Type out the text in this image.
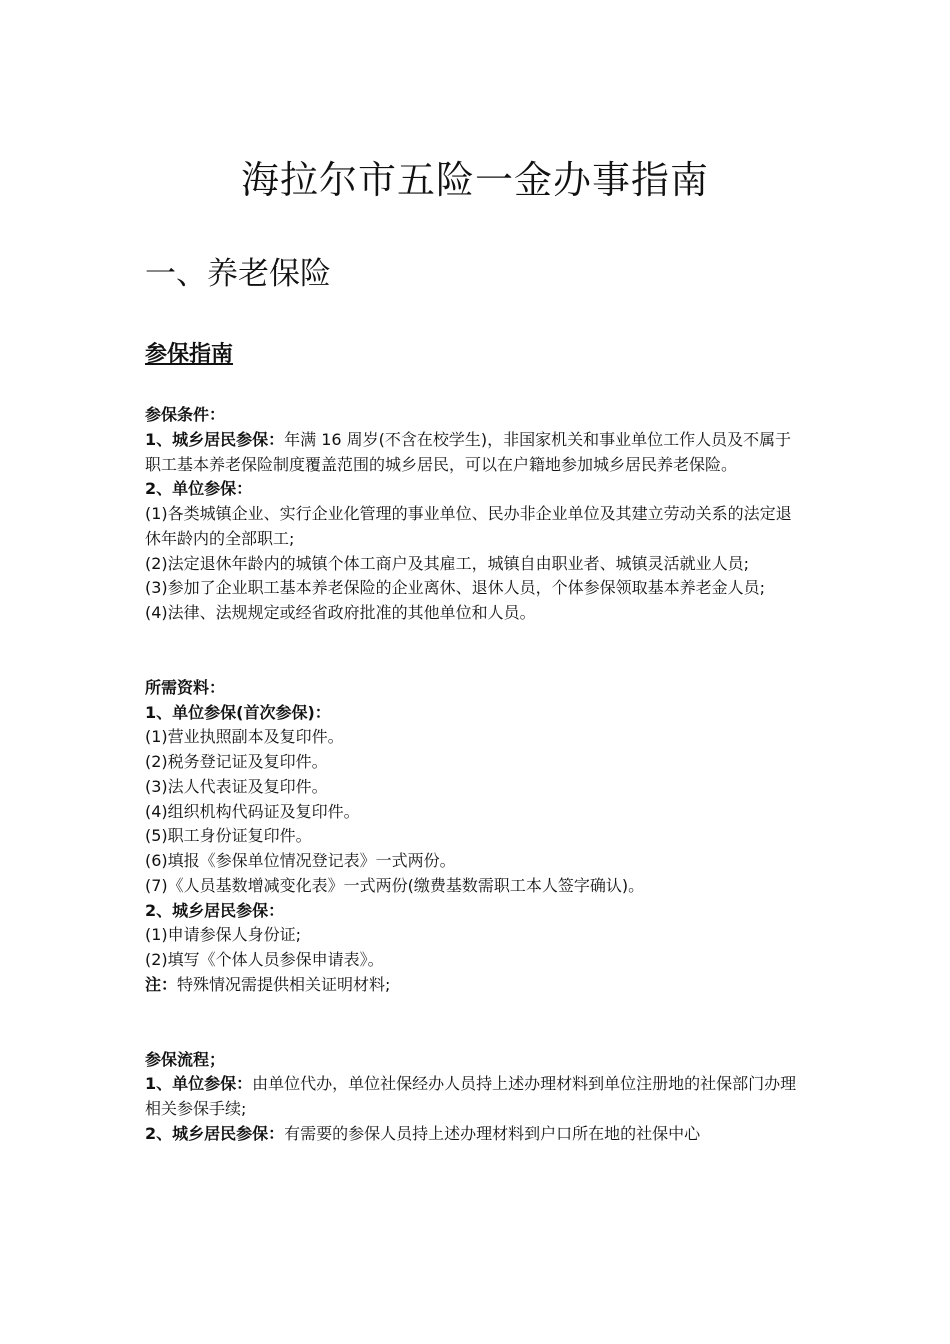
海拉尔市五险一金办事指南
一、养老保险
参保指南

参保条件：

1、城乡居民参保：年满 16 周岁(不含在校学生)，非国家机关和事业单位工作人员及不属于职工基本养老保险制度覆盖范围的城乡居民，可以在户籍地参加城乡居民养老保险。

2、单位参保：

(1)各类城镇企业、实行企业化管理的事业单位、民办非企业单位及其建立劳动关系的法定退休年龄内的全部职工;

(2)法定退休年龄内的城镇个体工商户及其雇工，城镇自由职业者、城镇灵活就业人员;

(3)参加了企业职工基本养老保险的企业离休、退休人员，个体参保领取基本养老金人员;

(4)法律、法规规定或经省政府批准的其他单位和人员。

所需资料：

1、单位参保(首次参保)：

(1)营业执照副本及复印件。

(2)税务登记证及复印件。

(3)法人代表证及复印件。

(4)组织机构代码证及复印件。

(5)职工身份证复印件。

(6)填报《参保单位情况登记表》一式两份。

(7)《人员基数增减变化表》一式两份(缴费基数需职工本人签字确认)。

2、城乡居民参保：

(1)申请参保人身份证;

(2)填写《个体人员参保申请表》。

注：特殊情况需提供相关证明材料;

参保流程；

1、单位参保：由单位代办，单位社保经办人员持上述办理材料到单位注册地的社保部门办理相关参保手续;

2、城乡居民参保：有需要的参保人员持上述办理材料到户口所在地的社保中心
